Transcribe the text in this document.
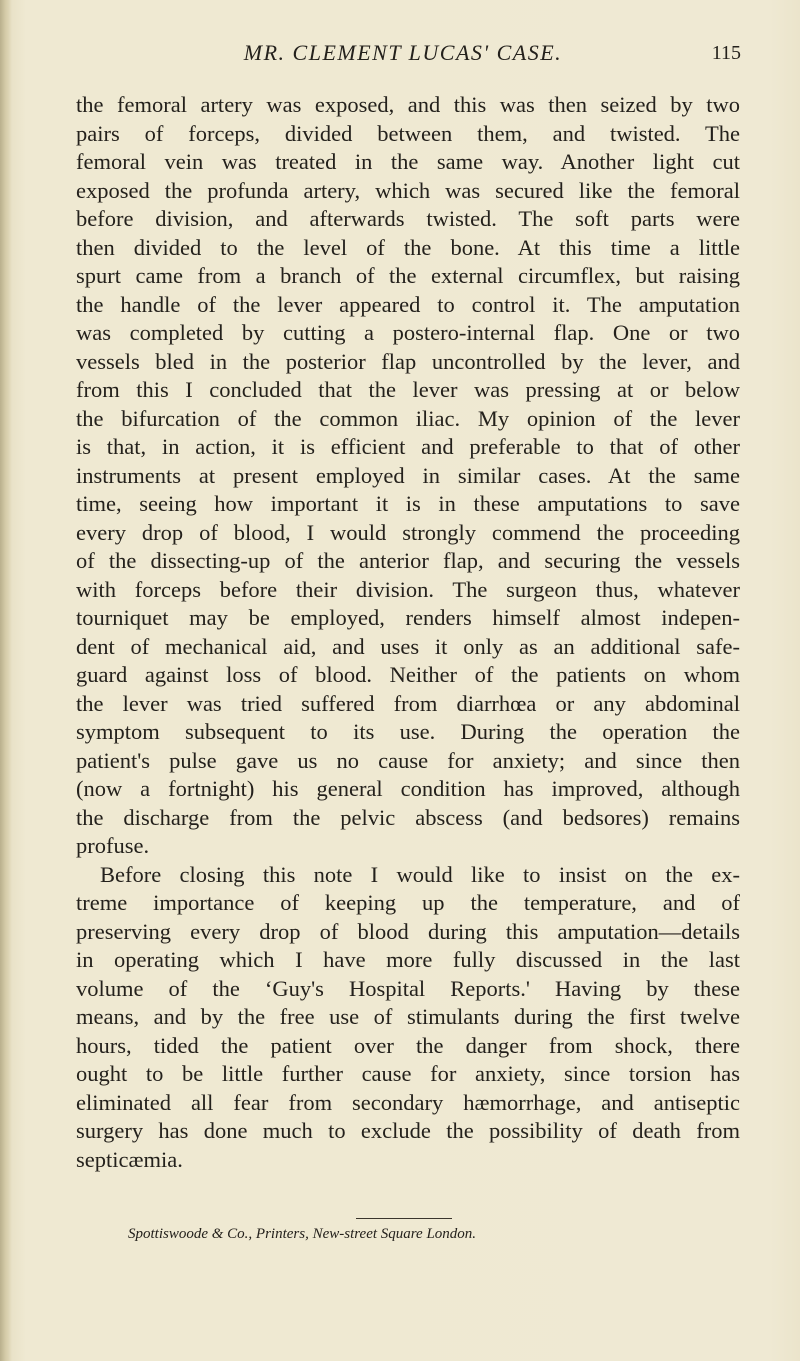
MR. CLEMENT LUCAS' CASE.	115
the femoral artery was exposed, and this was then seized by two
pairs of forceps, divided between them, and twisted. The
femoral vein was treated in the same way. Another light cut
exposed the profunda artery, which was secured like the femoral
before division, and afterwards twisted. The soft parts were
then divided to the level of the bone. At this time a little
spurt came from a branch of the external circumflex, but raising
the handle of the lever appeared to control it. The amputation
was completed by cutting a postero-internal flap. One or two
vessels bled in the posterior flap uncontrolled by the lever, and
from this I concluded that the lever was pressing at or below
the bifurcation of the common iliac. My opinion of the lever
is that, in action, it is efficient and preferable to that of other
instruments at present employed in similar cases. At the same
time, seeing how important it is in these amputations to save
every drop of blood, I would strongly commend the proceeding
of the dissecting-up of the anterior flap, and securing the vessels
with forceps before their division. The surgeon thus, whatever
tourniquet may be employed, renders himself almost indepen-
dent of mechanical aid, and uses it only as an additional safe-
guard against loss of blood. Neither of the patients on whom
the lever was tried suffered from diarrhœa or any abdominal
symptom subsequent to its use. During the operation the
patient's pulse gave us no cause for anxiety; and since then
(now a fortnight) his general condition has improved, although
the discharge from the pelvic abscess (and bedsores) remains
profuse.
Before closing this note I would like to insist on the ex-
treme importance of keeping up the temperature, and of
preserving every drop of blood during this amputation—details
in operating which I have more fully discussed in the last
volume of the ‘Guy's Hospital Reports.' Having by these
means, and by the free use of stimulants during the first twelve
hours, tided the patient over the danger from shock, there
ought to be little further cause for anxiety, since torsion has
eliminated all fear from secondary hæmorrhage, and antiseptic
surgery has done much to exclude the possibility of death from
septicæmia.
Spottiswoode & Co., Printers, New-street Square London.
